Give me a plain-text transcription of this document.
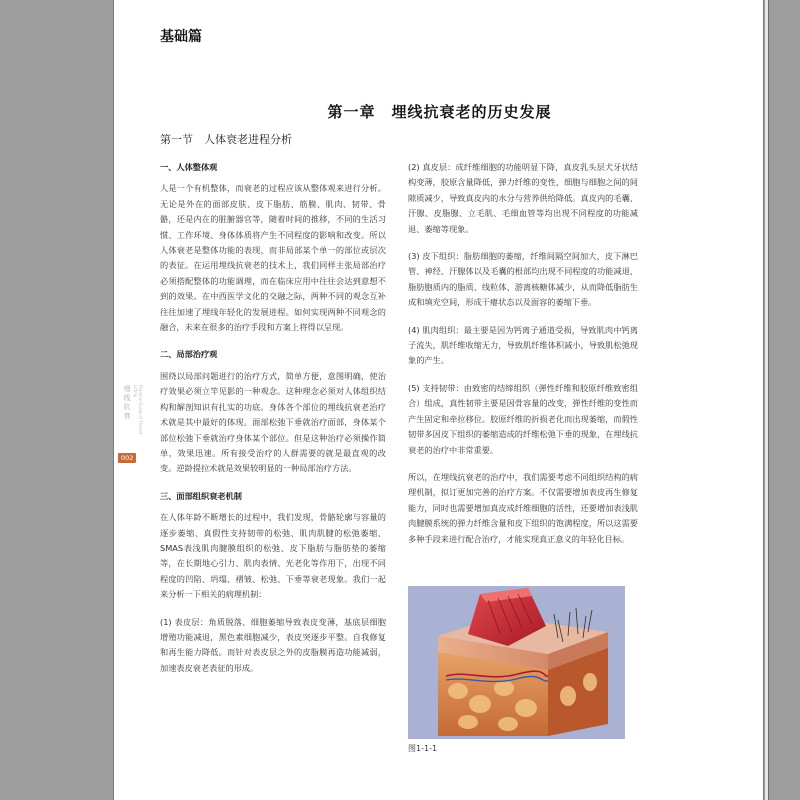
基础篇
第一章　埋线抗衰老的历史发展
第一节　人体衰老进程分析
埋线抗衰	Practice Guide of Thread Lifting
002
一、人体整体观

人是一个有机整体，而衰老的过程应该从整体观来进行分析。无论是外在的面部皮肤、皮下脂肪、筋膜、肌肉、韧带、骨骼，还是内在的脏腑器官等，随着时间的推移，不同的生活习惯、工作环境、身体体质将产生不同程度的影响和改变。所以人体衰老是整体功能的表现，而非局部某个单一的部位或层次的表征。在运用埋线抗衰老的技术上，我们同样主张局部治疗必须搭配整体的功能调理，而在临床应用中往往会达到意想不到的效果。在中西医学文化的交融之际，两种不同的观念互补往往加速了埋线年轻化的发展进程。如何实现两种不同观念的融合，未来在很多的治疗手段和方案上将得以呈现。

二、局部治疗观

围绕以局部问题进行的治疗方式，简单方便，意图明确，使治疗效果必须立竿见影的一种观念。这种理念必须对人体组织结构和解剖知识有扎实的功底。身体各个部位的埋线抗衰老治疗术就是其中最好的体现。面部松弛下垂就治疗面部，身体某个部位松弛下垂就治疗身体某个部位。但是这种治疗必须操作简单，效果迅速。所有接受治疗的人群需要的就是最直观的改变。逆龄提拉术就是效果较明显的一种局部治疗方法。

三、面部组织衰老机制

在人体年龄不断增长的过程中，我们发现，骨骼轮廓与容量的逐步萎缩、真假性支持韧带的松弛、肌肉肌腱的松弛萎缩、SMAS表浅肌肉腱膜组织的松弛、皮下脂肪与脂肪垫的萎缩等，在长期地心引力、肌肉表情、光老化等作用下，出现不同程度的凹陷、坍塌、褶皱、松弛、下垂等衰老现象。我们一起来分析一下相关的病理机制：

(1) 表皮层：角质脱落、细胞萎缩导致表皮变薄，基底层细胞增殖功能减退，黑色素细胞减少，表皮突逐步平整。自我修复和再生能力降低。而针对表皮层之外的皮脂膜再造功能减弱，加速表皮衰老表征的形成。

(2) 真皮层：成纤维细胞的功能明显下降，真皮乳头层犬牙状结构变薄，胶原含量降低，弹力纤维的变性，细胞与细胞之间的间隙质减少，导致真皮内的水分与营养供给降低。真皮内的毛囊、汗腺、皮脂腺、立毛肌、毛细血管等均出现不同程度的功能减退、萎缩等现象。

(3) 皮下组织：脂肪细胞的萎缩，纤维间隔空间加大，皮下淋巴管、神经、汗腺体以及毛囊的根部均出现不同程度的功能减退，脂肪胞质内的脂质、线粒体、游离核糖体减少，从而降低脂肪生成和填充空间，形成干瘪状态以及面容的萎缩下垂。

(4) 肌肉组织：最主要是因为钙离子通道受损，导致肌肉中钙离子流失，肌纤维收缩无力，导致肌纤维体积减小，导致肌松弛现象的产生。

(5) 支持韧带：由致密的结缔组织（弹性纤维和胶原纤维致密组合）组成，真性韧带主要是因骨容量的改变，弹性纤维的变性而产生固定和牵拉移位。胶原纤维的折损老化而出现萎缩，而假性韧带多因皮下组织的萎缩造成的纤维松弛下垂的现象，在埋线抗衰老的治疗中非常重要。

所以，在埋线抗衰老的治疗中，我们需要考虑不同组织结构的病理机制，拟订更加完善的治疗方案。不仅需要增加表皮再生修复能力，同时也需要增加真皮成纤维细胞的活性，还要增加表浅肌肉腱膜系统的弹力纤维含量和皮下组织的饱满程度，所以这需要多种手段来进行配合治疗，才能实现真正意义的年轻化目标。

图1-1-1
